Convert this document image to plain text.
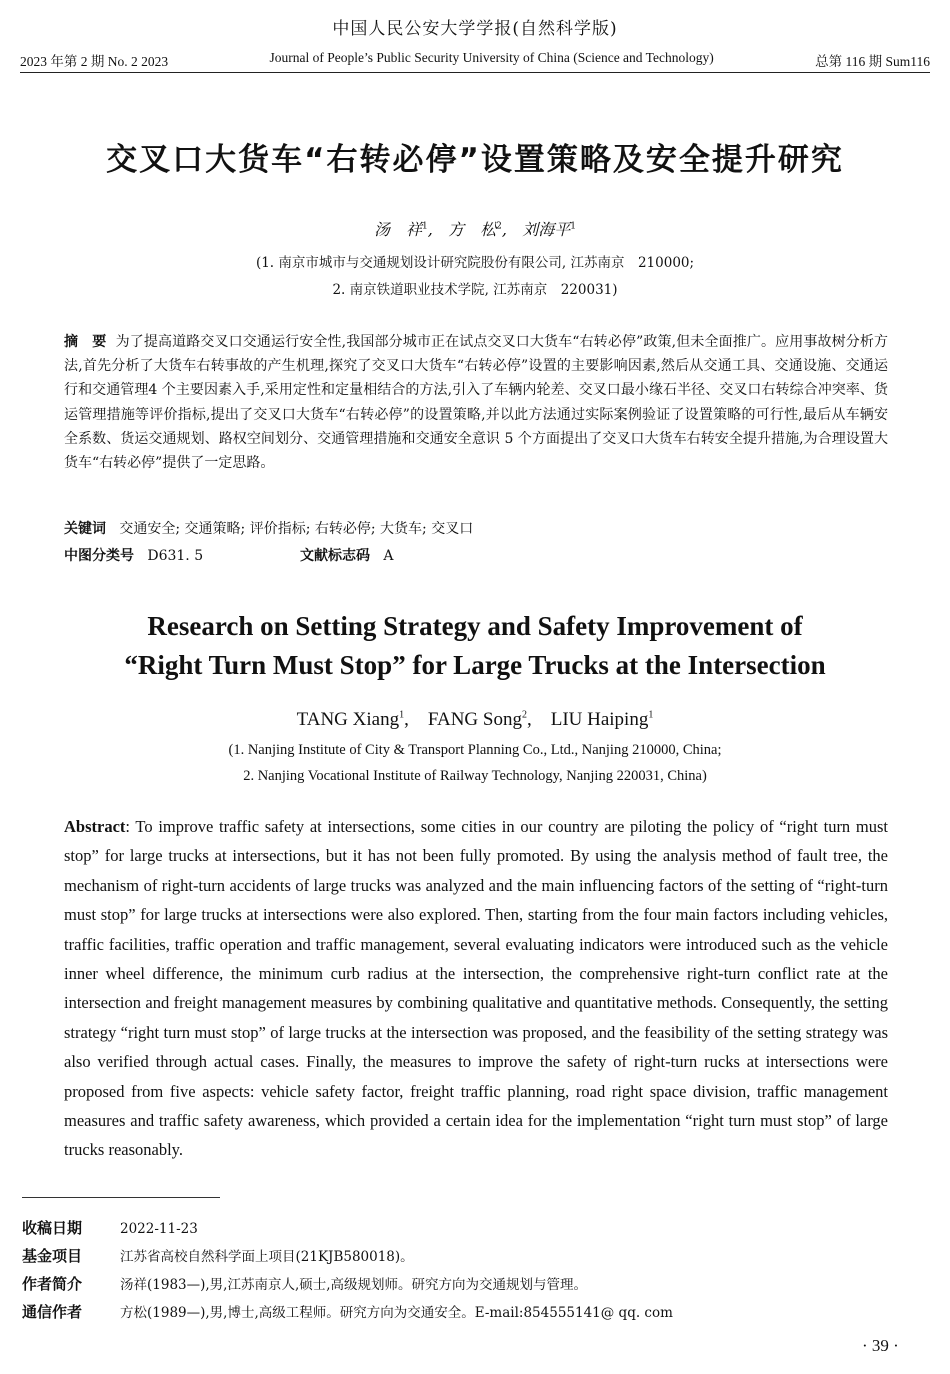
中国人民公安大学学报(自然科学版)
2023 年第 2 期 No. 2 2023	Journal of People’s Public Security University of China (Science and Technology)	总第 116 期 Sum116
交叉口大货车“右转必停”设置策略及安全提升研究
汤　祥$^1$, 方　松$^2$, 刘海平$^1$
(1. 南京市城市与交通规划设计研究院股份有限公司, 江苏南京　210000;
2. 南京铁道职业技术学院, 江苏南京　220031)
摘　要 为了提高道路交叉口交通运行安全性,我国部分城市正在试点交叉口大货车“右转必停”政策,但未全面推广。应用事故树分析方法,首先分析了大货车右转事故的产生机理,探究了交叉口大货车“右转必停”设置的主要影响因素,然后从交通工具、交通设施、交通运行和交通管理4 个主要因素入手,采用定性和定量相结合的方法,引入了车辆内轮差、交叉口最小缘石半径、交叉口右转综合冲突率、货运管理措施等评价指标,提出了交叉口大货车“右转必停”的设置策略,并以此方法通过实际案例验证了设置策略的可行性,最后从车辆安全系数、货运交通规划、路权空间划分、交通管理措施和交通安全意识 5 个方面提出了交叉口大货车右转安全提升措施,为合理设置大货车“右转必停”提供了一定思路。
关键词 交通安全; 交通策略; 评价指标; 右转必停; 大货车; 交叉口
中图分类号 D631. 5	文献标志码 A
Research on Setting Strategy and Safety Improvement of
“Right Turn Must Stop” for Large Trucks at the Intersection
TANG Xiang$^1$, FANG Song$^2$, LIU Haiping$^1$
(1. Nanjing Institute of City & Transport Planning Co., Ltd., Nanjing 210000, China;
2. Nanjing Vocational Institute of Railway Technology, Nanjing 220031, China)
Abstract: To improve traffic safety at intersections, some cities in our country are piloting the policy of “right turn must stop” for large trucks at intersections, but it has not been fully promoted. By using the analysis method of fault tree, the mechanism of right-turn accidents of large trucks was analyzed and the main influencing factors of the setting of “right-turn must stop” for large trucks at intersections were also explored. Then, starting from the four main factors including vehicles, traffic facilities, traffic operation and traffic management, several evaluating indicators were introduced such as the vehicle inner wheel difference, the minimum curb radius at the intersection, the comprehensive right-turn conflict rate at the intersection and freight management measures by combining qualitative and quantitative methods. Consequently, the setting strategy “right turn must stop” of large trucks at the intersection was proposed, and the feasibility of the setting strategy was also verified through actual cases. Finally, the measures to improve the safety of right-turn rucks at intersections were proposed from five aspects: vehicle safety factor, freight traffic planning, road right space division, traffic management measures and traffic safety awareness, which provided a certain idea for the implementation “right turn must stop” of large trucks reasonably.
收稿日期	2022-11-23
基金项目	江苏省高校自然科学面上项目(21KJB580018)。
作者简介	汤祥(1983—),男,江苏南京人,硕士,高级规划师。研究方向为交通规划与管理。
通信作者	方松(1989—),男,博士,高级工程师。研究方向为交通安全。E-mail:854555141@ qq. com
· 39 ·
